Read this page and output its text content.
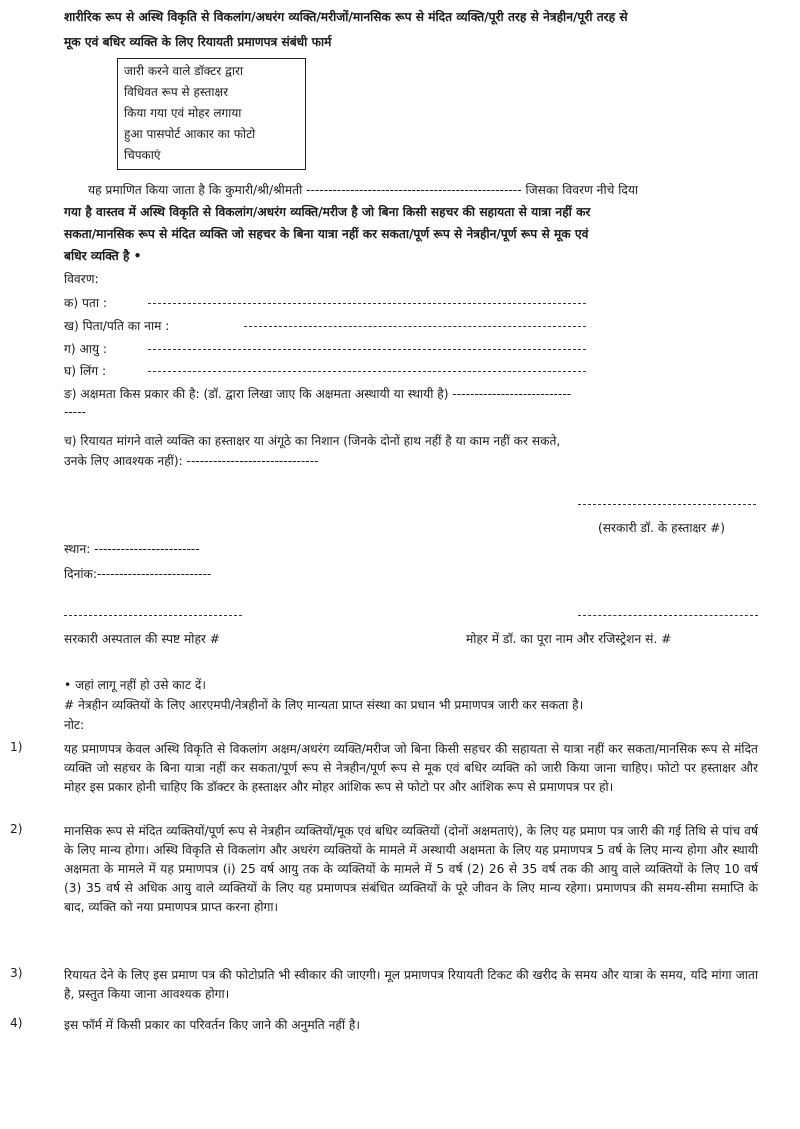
शारीरिक रूप से अस्थि विकृति से विकलांग/अधरंग व्यक्ति/मरीजों/मानसिक रूप से मंदित व्यक्ति/पूरी तरह से नेत्रहीन/पूरी तरह से
मूक एवं बधिर व्यक्ति के लिए रियायती प्रमाणपत्र संबंधी फार्म
जारी करने वाले डॉक्टर द्वारा
विधिवत रूप से हस्ताक्षर
किया गया एवं मोहर लगाया
हुआ पासपोर्ट आकार का फोटो
चिपकाएं
यह प्रमाणित किया जाता है कि कुमारी/श्री/श्रीमती ------------------------------------------------- जिसका विवरण नीचे दिया
गया है वास्तव में अस्थि विकृति से विकलांग/अधरंग व्यक्ति/मरीज है जो बिना किसी सहचर की सहायता से यात्रा नहीं कर
सकता/मानसिक रूप से मंदित व्यक्ति जो सहचर के बिना यात्रा नहीं कर सकता/पूर्ण रूप से नेत्रहीन/पूर्ण रूप से मूक एवं
बधिर व्यक्ति है •
विवरण:
क) पता :
ख) पिता/पति का नाम :
ग) आयु :
घ) लिंग :
ङ) अक्षमता किस प्रकार की है: (डॉ. द्वारा लिखा जाए कि अक्षमता अस्थायी या स्थायी है) ---------------------------
-----
च) रियायत मांगने वाले व्यक्ति का हस्ताक्षर या अंगूठे का निशान (जिनके दोनों हाथ नहीं है या काम नहीं कर सकते,
उनके लिए आवश्यक नहीं): ------------------------------
(सरकारी डॉ. के हस्ताक्षर #)
स्थान: ------------------------
दिनांक:--------------------------
सरकारी अस्पताल की स्पष्ट मोहर #	मोहर में डॉ. का पूरा नाम और रजिस्ट्रेशन सं. #
• जहां लागू नहीं हो उसे काट दें।
# नेत्रहीन व्यक्तियों के लिए आरएमपी/नेत्रहीनों के लिए मान्यता प्राप्त संस्था का प्रधान भी प्रमाणपत्र जारी कर सकता है।
नोट:
1)	यह प्रमाणपत्र केवल अस्थि विकृति से विकलांग अक्षम/अधरंग व्यक्ति/मरीज जो बिना किसी सहचर की सहायता से यात्रा नहीं कर सकता/मानसिक रूप से मंदित व्यक्ति जो सहचर के बिना यात्रा नहीं कर सकता/पूर्ण रूप से नेत्रहीन/पूर्ण रूप से मूक एवं बधिर व्यक्ति को जारी किया जाना चाहिए। फोटो पर हस्ताक्षर और मोहर इस प्रकार होनी चाहिए कि डॉक्टर के हस्ताक्षर और मोहर आंशिक रूप से फोटो पर और आंशिक रूप से प्रमाणपत्र पर हो।
2)	मानसिक रूप से मंदित व्यक्तियों/पूर्ण रूप से नेत्रहीन व्यक्तियों/मूक एवं बधिर व्यक्तियों (दोनों अक्षमताएं), के लिए यह प्रमाण पत्र जारी की गई तिथि से पांच वर्ष के लिए मान्य होगा। अस्थि विकृति से विकलांग और अधरंग व्यक्तियों के मामले में अस्थायी अक्षमता के लिए यह प्रमाणपत्र 5 वर्ष के लिए मान्य होगा और स्थायी अक्षमता के मामले में यह प्रमाणपत्र (i) 25 वर्ष आयु तक के व्यक्तियों के मामले में 5 वर्ष (2) 26 से 35 वर्ष तक की आयु वाले व्यक्तियों के लिए 10 वर्ष (3) 35 वर्ष से अधिक आयु वाले व्यक्तियों के लिए यह प्रमाणपत्र संबंधित व्यक्तियों के पूरे जीवन के लिए मान्य रहेगा। प्रमाणपत्र की समय-सीमा समाप्ति के बाद, व्यक्ति को नया प्रमाणपत्र प्राप्त करना होगा।
3)	रियायत देने के लिए इस प्रमाण पत्र की फोटोप्रति भी स्वीकार की जाएगी। मूल प्रमाणपत्र रियायती टिकट की खरीद के समय और यात्रा के समय, यदि मांगा जाता है, प्रस्तुत किया जाना आवश्यक होगा।
4)	इस फॉर्म में किसी प्रकार का परिवर्तन किए जाने की अनुमति नहीं है।
